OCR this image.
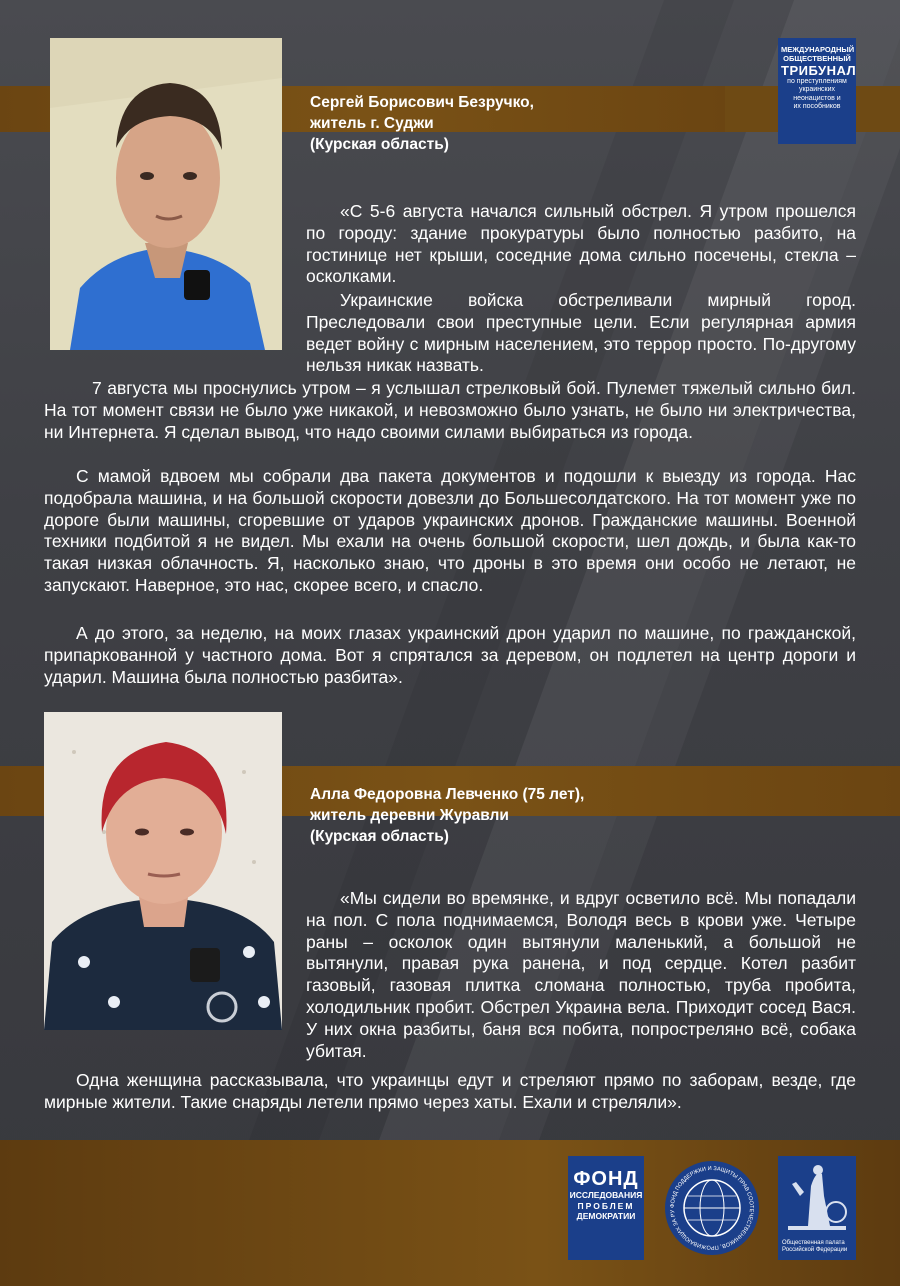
МЕЖДУНАРОДНЫЙ
ОБЩЕСТВЕННЫЙ
ТРИБУНАЛ
по преступлениям
украинских
неонацистов и
их пособников
Сергей Борисович Безручко,
житель г. Суджи
(Курская область)

«С 5-6 августа начался сильный обстрел. Я утром прошелся по городу: здание прокуратуры было полностью разбито, на гостинице нет крыши, соседние дома сильно посечены, стекла – осколками.

Украинские войска обстреливали мирный город. Преследовали свои преступные цели. Если регулярная армия ведет войну с мирным населением, это террор просто. По-другому нельзя никак назвать.

7 августа мы проснулись утром – я услышал стрелковый бой. Пулемет тяжелый сильно бил. На тот момент связи не было уже никакой, и невозможно было узнать, не было ни электричества, ни Интернета. Я сделал вывод, что надо своими силами выбираться из города.

С мамой вдвоем мы собрали два пакета документов и подошли к выезду из города. Нас подобрала машина, и на большой скорости довезли до Большесолдатского. На тот момент уже по дороге были машины, сгоревшие от ударов украинских дронов. Гражданские машины. Военной техники подбитой я не видел. Мы ехали на очень большой скорости, шел дождь, и была как-то такая низкая облачность. Я, насколько знаю, что дроны в это время они особо не летают, не запускают. Наверное, это нас, скорее всего, и спасло.

А до этого, за неделю, на моих глазах украинский дрон ударил по машине, по гражданской, припаркованной у частного дома. Вот я спрятался за деревом, он подлетел на центр дороги и ударил. Машина была полностью разбита».

Алла Федоровна Левченко (75 лет),
житель деревни Журавли
(Курская область)

«Мы сидели во времянке, и вдруг осветило всё. Мы попадали на пол. С пола поднимаемся, Володя весь в крови уже. Четыре раны – осколок один вытянули маленький, а большой не вытянули, правая рука ранена, и под сердце. Котел разбит газовый, газовая плитка сломана полностью, труба пробита, холодильник пробит. Обстрел Украина вела. Приходит сосед Вася. У них окна разбиты, баня вся побита, попростреляно всё, собака убитая.

Одна женщина рассказывала, что украинцы едут и стреляют прямо по заборам, везде, где мирные жители. Такие снаряды летели прямо через хаты. Ехали и стреляли».

ФОНД
ИССЛЕДОВАНИЯ
ПРОБЛЕМ
ДЕМОКРАТИИ
ФОНД ПОДДЕРЖКИ И ЗАЩИТЫ ПРАВ СООТЕЧЕСТВЕННИКОВ, ПРОЖИВАЮЩИХ ЗА РУ
Общественная палата
Российской Федерации
